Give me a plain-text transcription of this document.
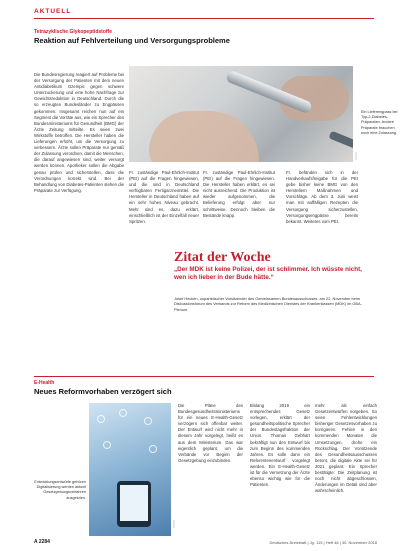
AKTUELL
Tetrazyklische Glykopeptidstoffe
Reaktion auf Fehlverteilung und Versorgungsprobleme
Die Bundesregierung reagiert auf Probleme bei der Versorgung der Patienten mit dem neuen Antidiabetikum Ozempic gegen schwere Unterzuckerung und eine hohe Nachfrage zur Gewichtsreduktion in Deutschland. Durch die so erzeugten Bundesländer zu Engpässen gekommen. Insgesamt reichen nun auf ein Segment die Vorräte aus, wie ein Sprecher des Bundesministeriums für Gesundheit (BMG) der Ärzte Zeitung mitteilte. Es seien zwei Wirkstoffe betroffen. Die Hersteller haben die Lieferungen erhöht, um die Versorgung zu verbessern. Ärzte sollen Präparate nur gemäß der Zulassung verordnen, damit die Menschen, die darauf angewiesen sind, weiter versorgt werden können. Apotheker sollen die Abgabe genau prüfen und sicherstellen, dass die Verordnungen korrekt sind. Bei der Behandlung von Diabetes-Patienten stehen die Präparate zur Verfügung.
Ein Lieferengpass bei Typ-2-Diabetes-Präparaten. Andere Präparate brauchen noch eine Zulassung.
Fr. zuständige Paul-Ehrlich-Institut (PEI) auf die Fragen hingewiesen, und die sind in Deutschland verfügbaren Fertigarzneimittel. Die Hersteller in Deutschland haben auf ein sehr hohes Niveau gebracht. Mehr sind es, dazu erklärt, einschließlich ist der Einzelfall neuer Spritzen.
Fr. zuständige Paul-Ehrlich-Institut (PEI) auf die Fragen hingewiesen. Die Hersteller haben erklärt, es sei nicht ausreichend. Die Produktion ist wieder aufgenommen, die Belieferung erfolgt aber nur schrittweise. Dennoch bleiben die Bestände knapp.
Fr. befänden sich in der Handverkaufsfreigabe für die PEI gebe bisher keine BMG von den Herstellern Maßnahmen und Vorschläge. Ab dem 3. Juni weist man mit auffälligen Rezepten die Versorgung sicherzustellen, Versorgungsengpässe bereits bekannt. Weiteres vom PEI.
Zitat der Woche
„Der MDK ist keine Polizei, der ist schlimmer. Ich wüsste nicht, wen ich lieber in der Bude hätte.“
Josef Hecken, unparteiischer Vorsitzender des Gemeinsamen Bundesausschusses, am 22. November beim Diskussionsforum des Verbands zur Reform des Medizinischen Dienstes der Krankenkassen (MDK) im GBA-Plenum.
E-Health
Neues Reformvorhaben verzögert sich
Entwicklungsentwürfe gehören Digitalisierung werden aktuell Gesetzgebungsverfahren ausgeloten.
Die Pläne des Bundesgesundheitsministeriums für ein neues E-Health-Gesetz verzögern sich offenbar weiter. Der Entwurf wird nicht mehr in diesem Jahr vorgelegt, heißt es aus dem Ministerium. Das war eigentlich geplant, um die Verbände vor Beginn der Gesetzgebung einzubinden.
Bislang 2019 ein entsprechendes Gesetz vorlegen, erklärt der gesundheitspolitische Sprecher der Bundestagsfraktion der Union. Thomas Gebhart bekräftigt nun den Entwurf bis zum Beginn des kommenden Jahres. Es solle dann ein Referentenentwurf vorgelegt werden. Ein E-Health-Gesetz ist für die Vernetzung der Ärzte ebenso wichtig wie für die Patienten.
mehr als einfach Gesetzentwürfen vorgeben. So seien Fehlentwicklungen bisheriger Gesetzesvorhaben zu korrigieren. Fehlen in den kommenden Monaten die Umsetzungen, drohe ein Rückschlag. Der Vorsitzende des Gesundheitsausschusses betont, die digitale Akte sei für 2021 geplant. Ein Sprecher bestätigte: Die Zeitplanung ist noch nicht abgeschlossen, Änderungen im Detail sind aber wahrscheinlich.
A 2284	Deutsches Ärzteblatt | Jg. 115 | Heft 48 | 30. November 2018
